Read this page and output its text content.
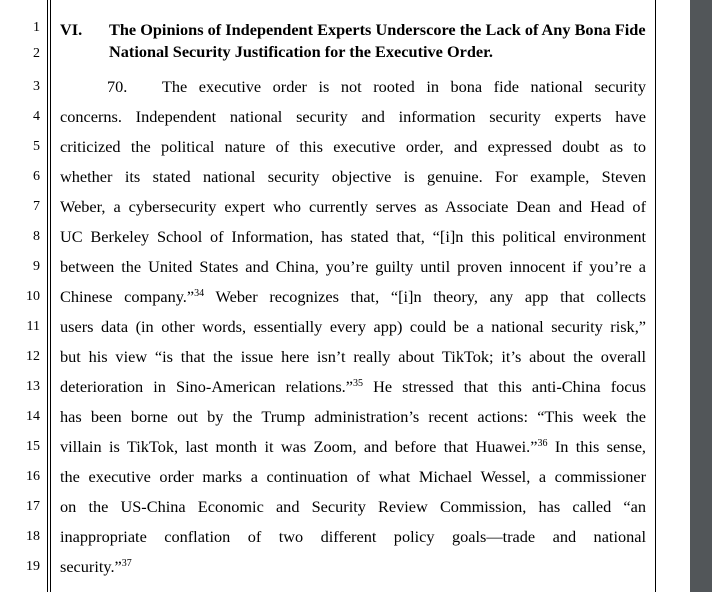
1
2
3
4
5
6
7
8
9
10
11
12
13
14
15
16
17
18
19
VI. The Opinions of Independent Experts Underscore the Lack of Any Bona Fide National Security Justification for the Executive Order.
70.   The executive order is not rooted in bona fide national security
concerns. Independent national security and information security experts have
criticized the political nature of this executive order, and expressed doubt as to
whether its stated national security objective is genuine. For example, Steven
Weber, a cybersecurity expert who currently serves as Associate Dean and Head of
UC Berkeley School of Information, has stated that, “[i]n this political environment
between the United States and China, you’re guilty until proven innocent if you’re a
Chinese company.”$^{34}$ Weber recognizes that, “[i]n theory, any app that collects
users data (in other words, essentially every app) could be a national security risk,”
but his view “is that the issue here isn’t really about TikTok; it’s about the overall
deterioration in Sino-American relations.”$^{35}$ He stressed that this anti-China focus
has been borne out by the Trump administration’s recent actions: “This week the
villain is TikTok, last month it was Zoom, and before that Huawei.”$^{36}$ In this sense,
the executive order marks a continuation of what Michael Wessel, a commissioner
on the US-China Economic and Security Review Commission, has called “an
inappropriate conflation of two different policy goals—trade and national
security.”$^{37}$
